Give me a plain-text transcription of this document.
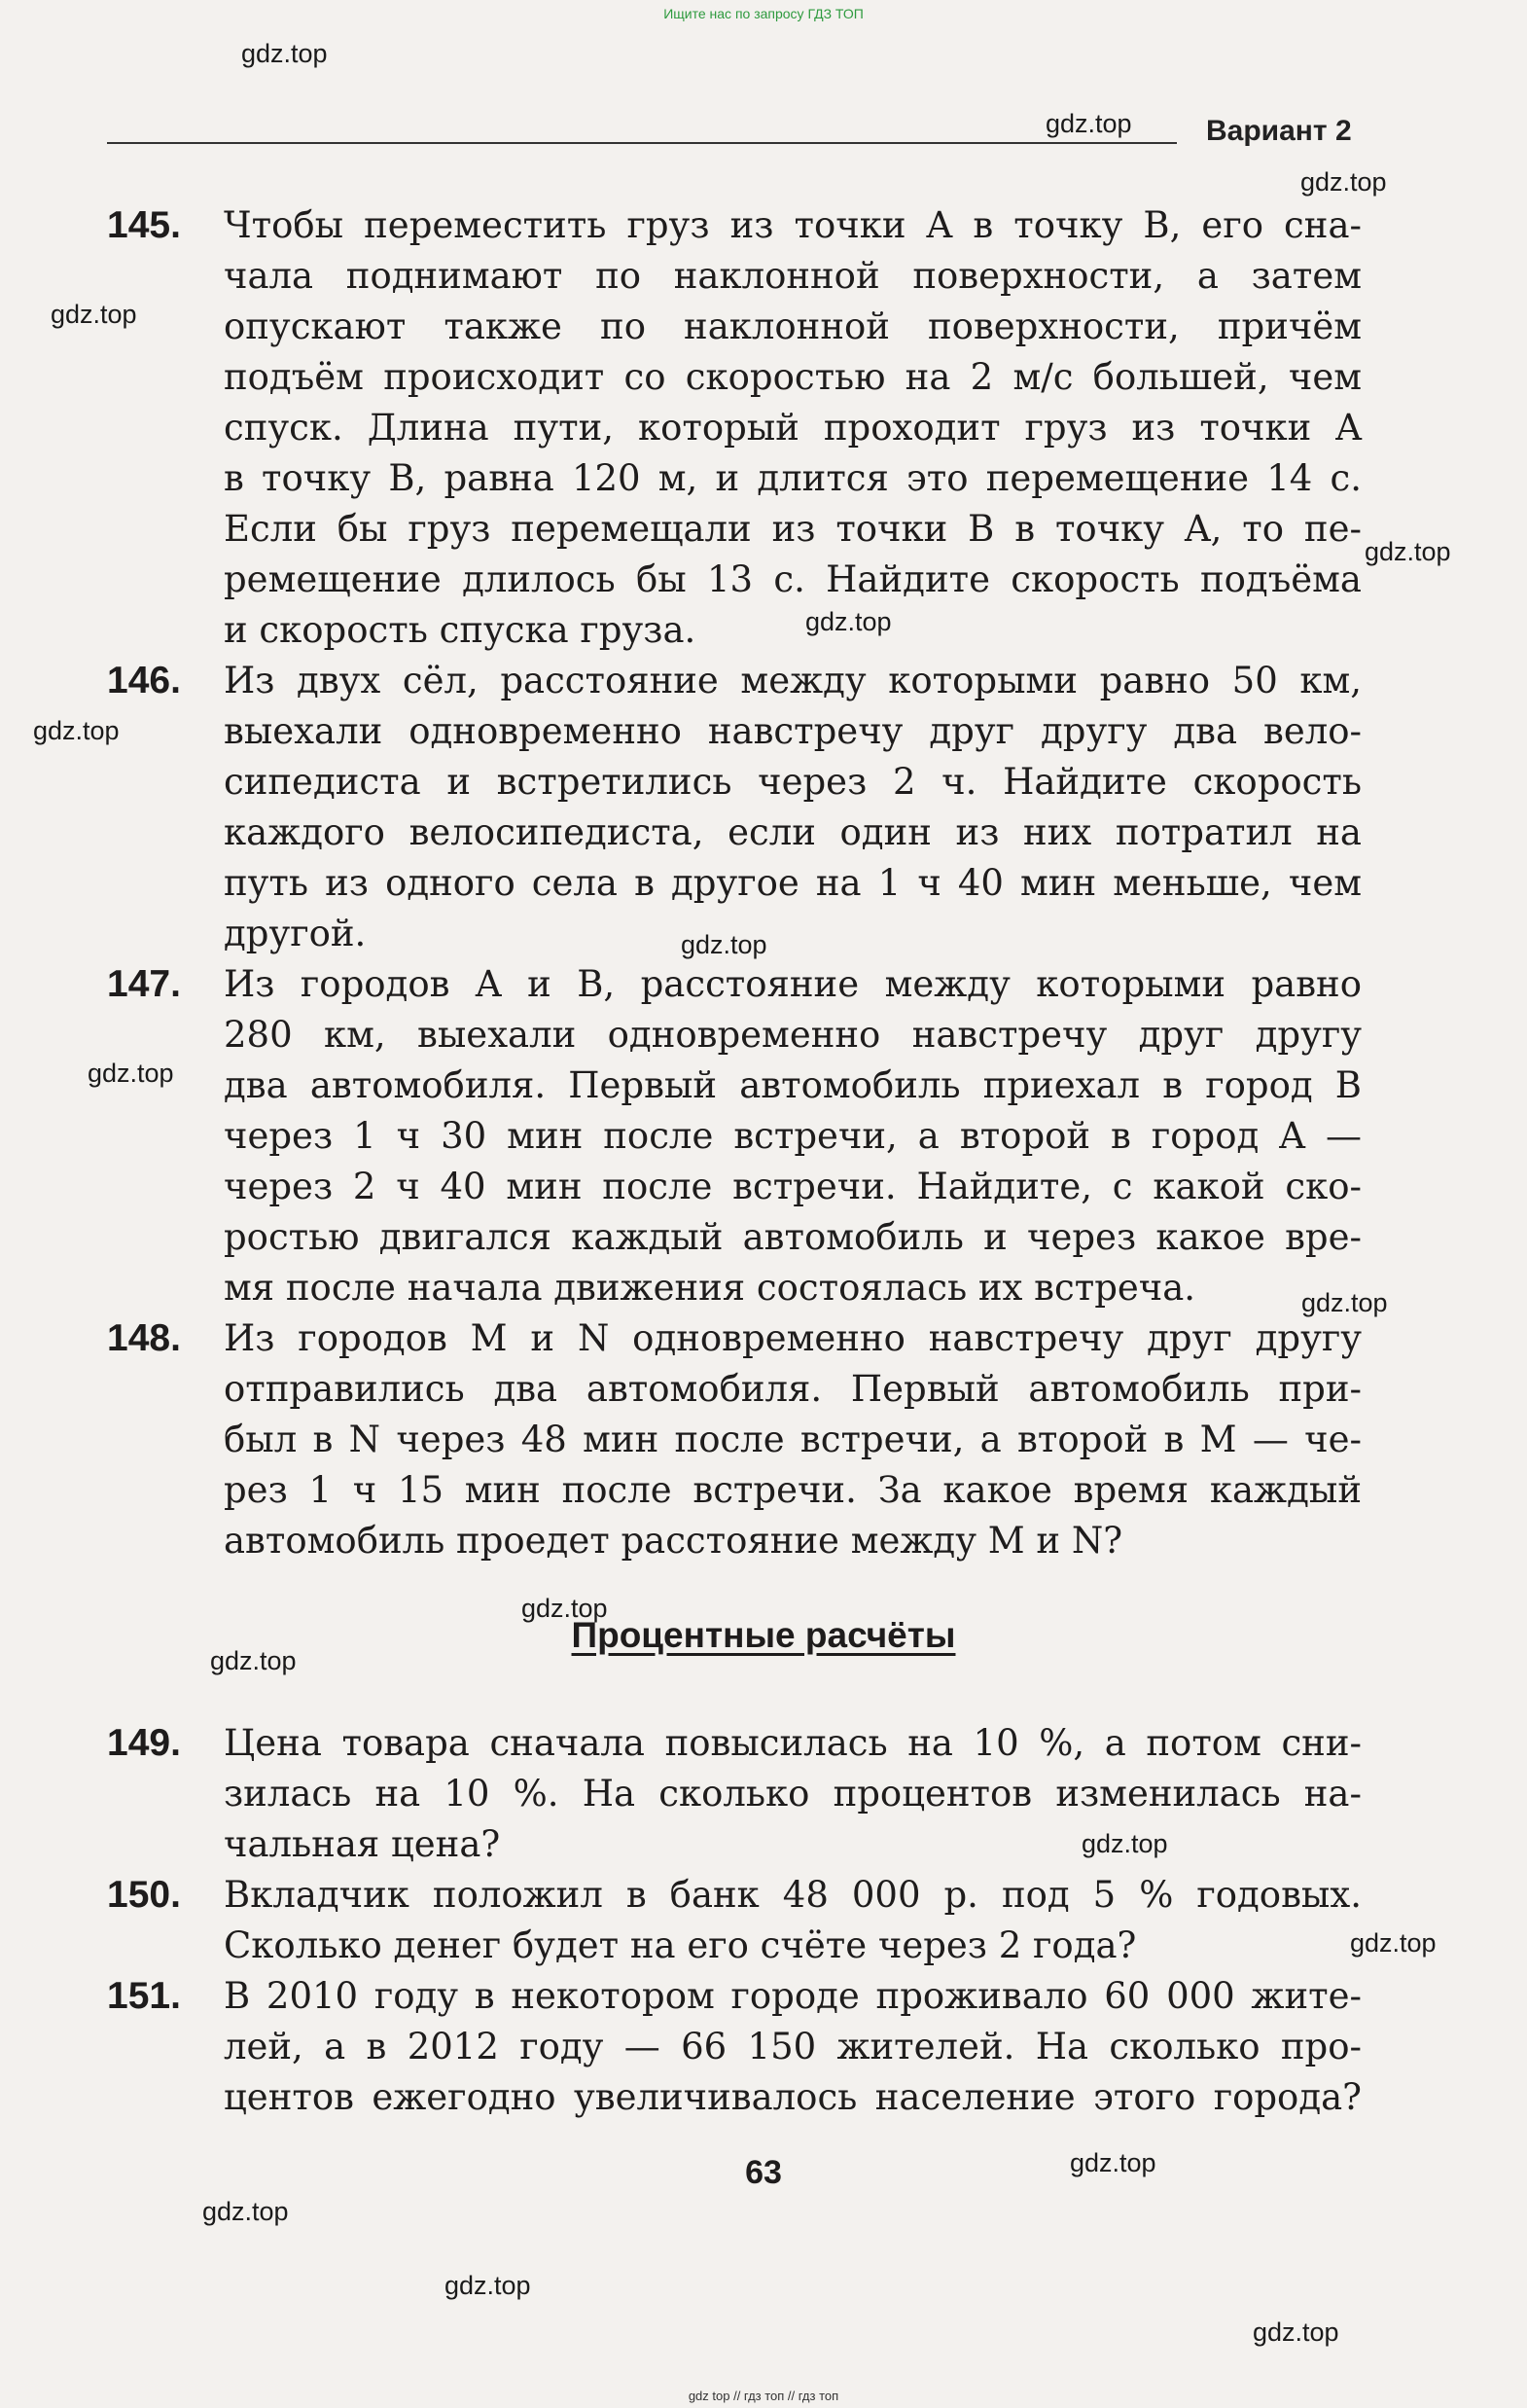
Ищите нас по запросу ГДЗ ТОП
Вариант 2
145. Чтобы переместить груз из точки A в точку B, его сна-
чала поднимают по наклонной поверхности, а затем
опускают также по наклонной поверхности, причём
подъём происходит со скоростью на 2 м/с большей, чем
спуск. Длина пути, который проходит груз из точки A
в точку B, равна 120 м, и длится это перемещение 14 с.
Если бы груз перемещали из точки B в точку A, то пе-
ремещение длилось бы 13 с. Найдите скорость подъёма
и скорость спуска груза.
146. Из двух сёл, расстояние между которыми равно 50 км,
выехали одновременно навстречу друг другу два вело-
сипедиста и встретились через 2 ч. Найдите скорость
каждого велосипедиста, если один из них потратил на
путь из одного села в другое на 1 ч 40 мин меньше, чем
другой.
147. Из городов A и B, расстояние между которыми равно
280 км, выехали одновременно навстречу друг другу
два автомобиля. Первый автомобиль приехал в город B
через 1 ч 30 мин после встречи, а второй в город A —
через 2 ч 40 мин после встречи. Найдите, с какой ско-
ростью двигался каждый автомобиль и через какое вре-
мя после начала движения состоялась их встреча.
148. Из городов M и N одновременно навстречу друг другу
отправились два автомобиля. Первый автомобиль при-
был в N через 48 мин после встречи, а второй в M — че-
рез 1 ч 15 мин после встречи. За какое время каждый
автомобиль проедет расстояние между M и N?
Процентные расчёты
149. Цена товара сначала повысилась на 10 %, а потом сни-
зилась на 10 %. На сколько процентов изменилась на-
чальная цена?
150. Вкладчик положил в банк 48 000 р. под 5 % годовых.
Сколько денег будет на его счёте через 2 года?
151. В 2010 году в некотором городе проживало 60 000 жите-
лей, а в 2012 году — 66 150 жителей. На сколько про-
центов ежегодно увеличивалось население этого города?
63
gdz.top
gdz.top
gdz.top
gdz.top
gdz.top
gdz.top
gdz.top
gdz.top
gdz.top
gdz.top
gdz.top
gdz.top
gdz.top
gdz.top
gdz.top
gdz.top
gdz.top
gdz.top
gdz top // гдз топ // гдз топ
